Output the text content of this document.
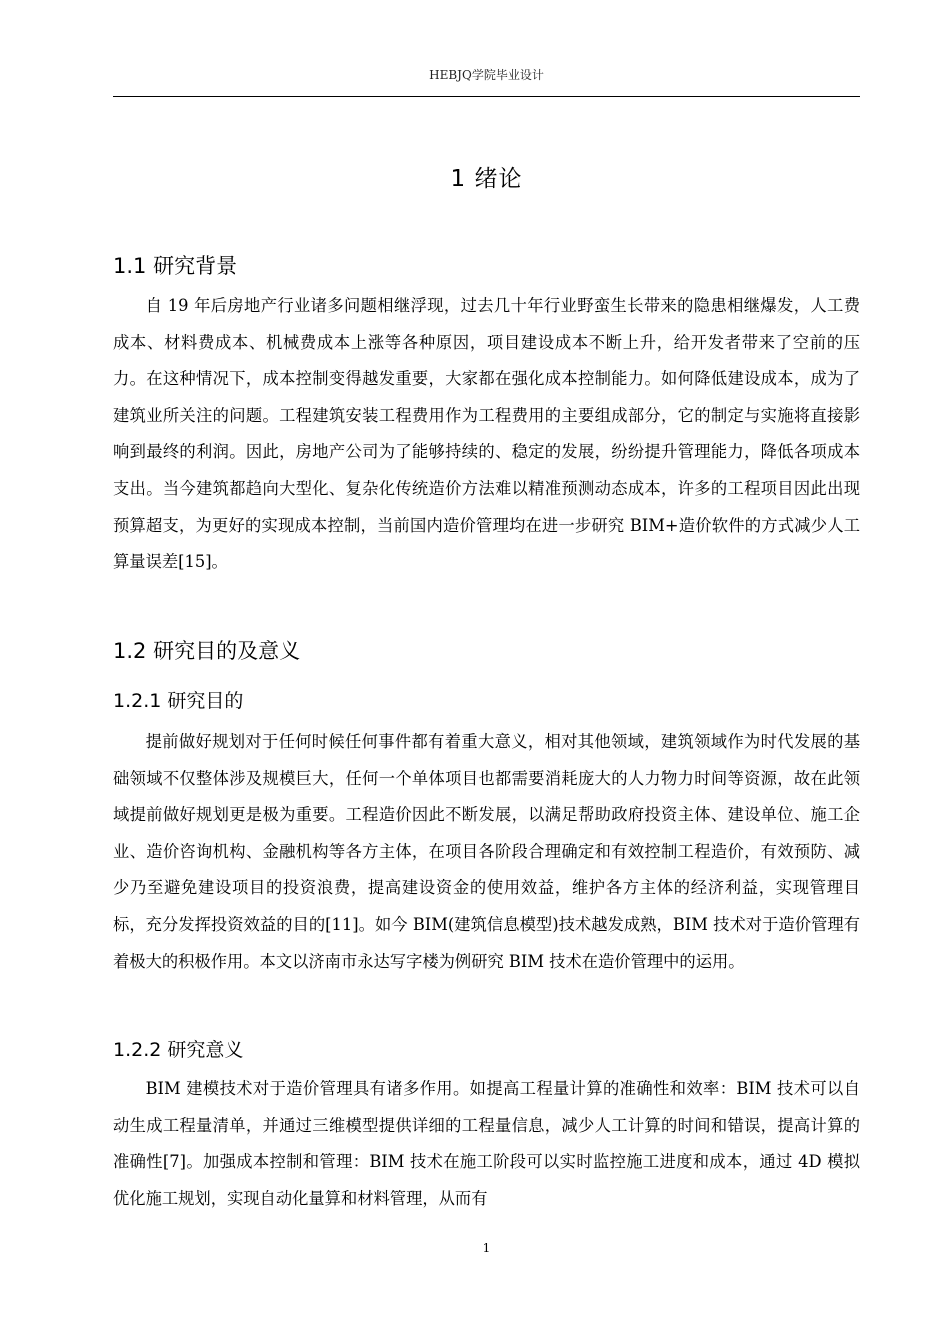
HEBJQ学院毕业设计
1 绪论
1.1 研究背景
自 19 年后房地产行业诸多问题相继浮现，过去几十年行业野蛮生长带来的隐患相继爆发，人工费成本、材料费成本、机械费成本上涨等各种原因，项目建设成本不断上升，给开发者带来了空前的压力。在这种情况下，成本控制变得越发重要，大家都在强化成本控制能力。如何降低建设成本，成为了建筑业所关注的问题。工程建筑安装工程费用作为工程费用的主要组成部分，它的制定与实施将直接影响到最终的利润。因此，房地产公司为了能够持续的、稳定的发展，纷纷提升管理能力，降低各项成本支出。当今建筑都趋向大型化、复杂化传统造价方法难以精准预测动态成本，许多的工程项目因此出现预算超支，为更好的实现成本控制，当前国内造价管理均在进一步研究 BIM+造价软件的方式减少人工算量误差[15]。
1.2 研究目的及意义
1.2.1 研究目的
提前做好规划对于任何时候任何事件都有着重大意义，相对其他领域，建筑领域作为时代发展的基础领域不仅整体涉及规模巨大，任何一个单体项目也都需要消耗庞大的人力物力时间等资源，故在此领域提前做好规划更是极为重要。工程造价因此不断发展，以满足帮助政府投资主体、建设单位、施工企业、造价咨询机构、金融机构等各方主体，在项目各阶段合理确定和有效控制工程造价，有效预防、减少乃至避免建设项目的投资浪费，提高建设资金的使用效益，维护各方主体的经济利益，实现管理目标，充分发挥投资效益的目的[11]。如今 BIM(建筑信息模型)技术越发成熟，BIM 技术对于造价管理有着极大的积极作用。本文以济南市永达写字楼为例研究 BIM 技术在造价管理中的运用。
1.2.2 研究意义
BIM 建模技术对于造价管理具有诸多作用。如提高工程量计算的准确性和效率：BIM 技术可以自动生成工程量清单，并通过三维模型提供详细的工程量信息，减少人工计算的时间和错误，提高计算的准确性[7]。加强成本控制和管理：BIM 技术在施工阶段可以实时监控施工进度和成本，通过 4D 模拟优化施工规划，实现自动化量算和材料管理，从而有
1
